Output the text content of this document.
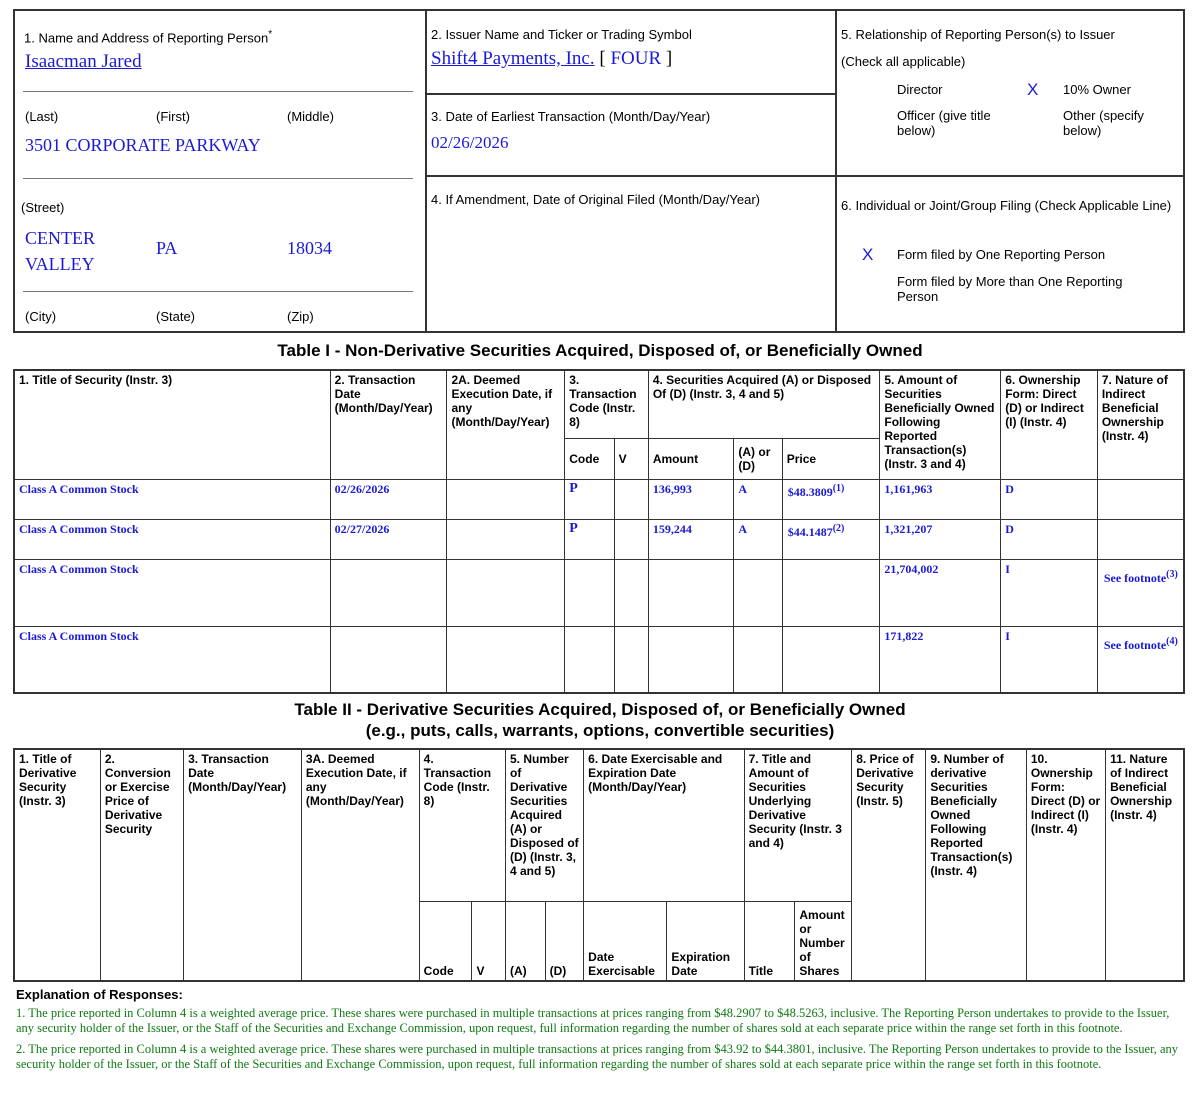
1. Name and Address of Reporting Person*
Isaacman Jared
(Last)	(First)	(Middle)
3501 CORPORATE PARKWAY
(Street)
CENTER VALLEY
PA	18034
(City)	(State)	(Zip)
2. Issuer Name and Ticker or Trading Symbol
Shift4 Payments, Inc. [ FOUR ]
3. Date of Earliest Transaction (Month/Day/Year)
02/26/2026
4. If Amendment, Date of Original Filed (Month/Day/Year)
5. Relationship of Reporting Person(s) to Issuer
(Check all applicable)
Director	X 10% Owner
Officer (give title below)
Other (specify below)
6. Individual or Joint/Group Filing (Check Applicable Line)
X Form filed by One Reporting Person
Form filed by More than One Reporting Person
Table I - Non-Derivative Securities Acquired, Disposed of, or Beneficially Owned
1. Title of Security (Instr. 3)	2. Transaction Date (Month/Day/Year)	2A. Deemed Execution Date, if any (Month/Day/Year)	3. Transaction Code (Instr. 8)		4. Securities Acquired (A) or Disposed Of (D) (Instr. 3, 4 and 5)			5. Amount of Securities Beneficially Owned Following Reported Transaction(s) (Instr. 3 and 4)	6. Ownership Form: Direct (D) or Indirect (I) (Instr. 4)	7. Nature of Indirect Beneficial Ownership (Instr. 4)
			Code	V	Amount	(A) or (D)	Price			
Class A Common Stock	02/26/2026		P		136,993	A	$48.3809$^{(1)}$	1,161,963	D	
Class A Common Stock	02/27/2026		P		159,244	A	$44.1487$^{(2)}$	1,321,207	D	
Class A Common Stock								21,704,002	I	See footnote$^{(3)}$
Class A Common Stock								171,822	I	See footnote$^{(4)}$
Table II - Derivative Securities Acquired, Disposed of, or Beneficially Owned
(e.g., puts, calls, warrants, options, convertible securities)
1. Title of Derivative Security (Instr. 3)	2. Conversion or Exercise Price of Derivative Security	3. Transaction Date (Month/Day/Year)	3A. Deemed Execution Date, if any (Month/Day/Year)	4. Transaction Code (Instr. 8)		5. Number of Derivative Securities Acquired (A) or Disposed of (D) (Instr. 3, 4 and 5)		6. Date Exercisable and Expiration Date (Month/Day/Year)		7. Title and Amount of Securities Underlying Derivative Security (Instr. 3 and 4)		8. Price of Derivative Security (Instr. 5)	9. Number of derivative Securities Beneficially Owned Following Reported Transaction(s) (Instr. 4)	10. Ownership Form: Direct (D) or Indirect (I) (Instr. 4)	11. Nature of Indirect Beneficial Ownership (Instr. 4)
				Code	V	(A)	(D)	Date Exercisable	Expiration Date	Title	Amount or Number of Shares				
Explanation of Responses:

1. The price reported in Column 4 is a weighted average price. These shares were purchased in multiple transactions at prices ranging from $48.2907 to $48.5263, inclusive. The Reporting Person undertakes to provide to the Issuer, any security holder of the Issuer, or the Staff of the Securities and Exchange Commission, upon request, full information regarding the number of shares sold at each separate price within the range set forth in this footnote.

2. The price reported in Column 4 is a weighted average price. These shares were purchased in multiple transactions at prices ranging from $43.92 to $44.3801, inclusive. The Reporting Person undertakes to provide to the Issuer, any security holder of the Issuer, or the Staff of the Securities and Exchange Commission, upon request, full information regarding the number of shares sold at each separate price within the range set forth in this footnote.
